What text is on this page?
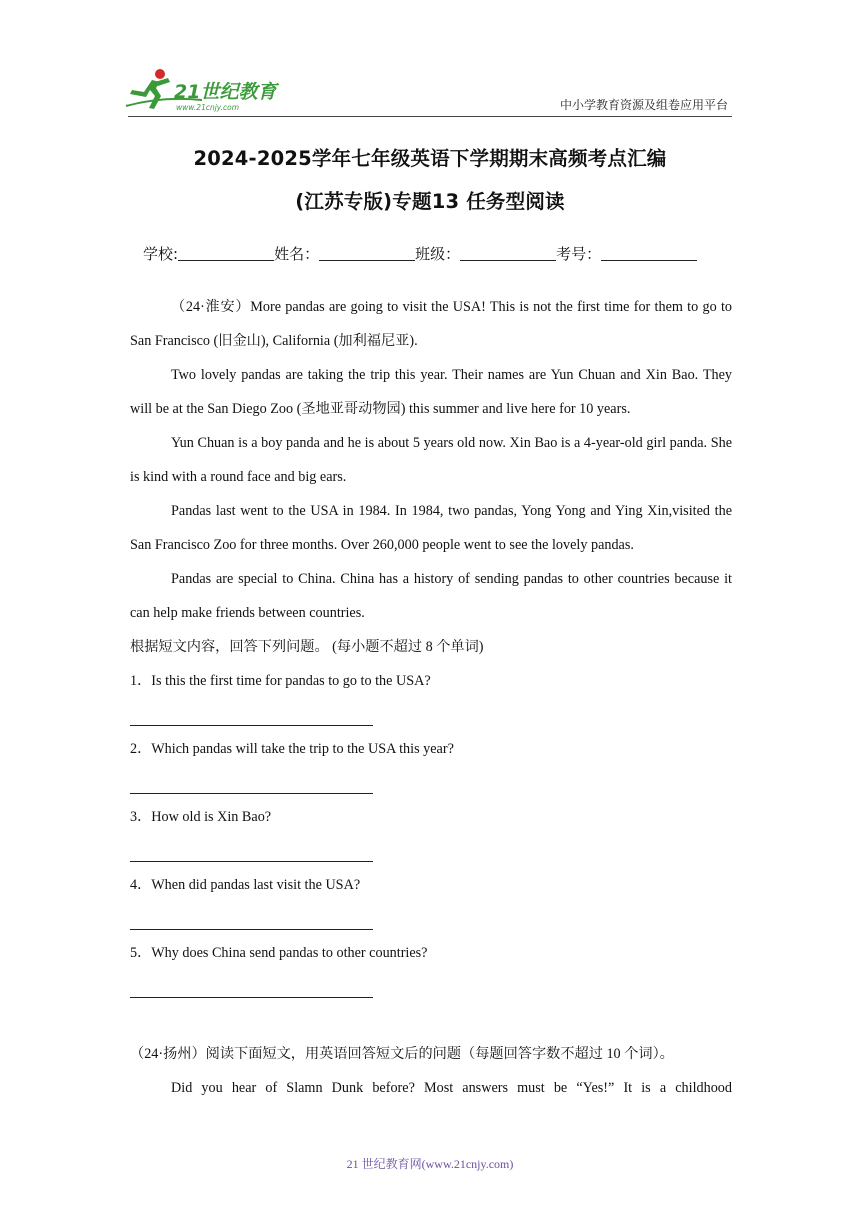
21世纪教育
www.21cnjy.com	中小学教育资源及组卷应用平台
2024-2025学年七年级英语下学期期末高频考点汇编
(江苏专版)专题13 任务型阅读
学校:	姓名：	班级：	考号：

（24·淮安）More pandas are going to visit the USA! This is not the first time for them to go to San Francisco (旧金山), California (加利福尼亚).

Two lovely pandas are taking the trip this year. Their names are Yun Chuan and Xin Bao. They will be at the San Diego Zoo (圣地亚哥动物园) this summer and live here for 10 years.

Yun Chuan is a boy panda and he is about 5 years old now. Xin Bao is a 4-year-old girl panda. She is kind with a round face and big ears.

Pandas last went to the USA in 1984. In 1984, two pandas, Yong Yong and Ying Xin,visited the San Francisco Zoo for three months. Over 260,000 people went to see the lovely pandas.

Pandas are special to China. China has a history of sending pandas to other countries because it can help make friends between countries.

根据短文内容，回答下列问题。 (每小题不超过 8 个单词)

1．Is this the first time for pandas to go to the USA?

2．Which pandas will take the trip to the USA this year?

3．How old is Xin Bao?

4．When did pandas last visit the USA?

5．Why does China send pandas to other countries?

（24·扬州）阅读下面短文，用英语回答短文后的问题（每题回答字数不超过 10 个词）。

Did you hear of Slamn Dunk before? Most answers must be “Yes!” It is a childhood

21 世纪教育网(www.21cnjy.com)
